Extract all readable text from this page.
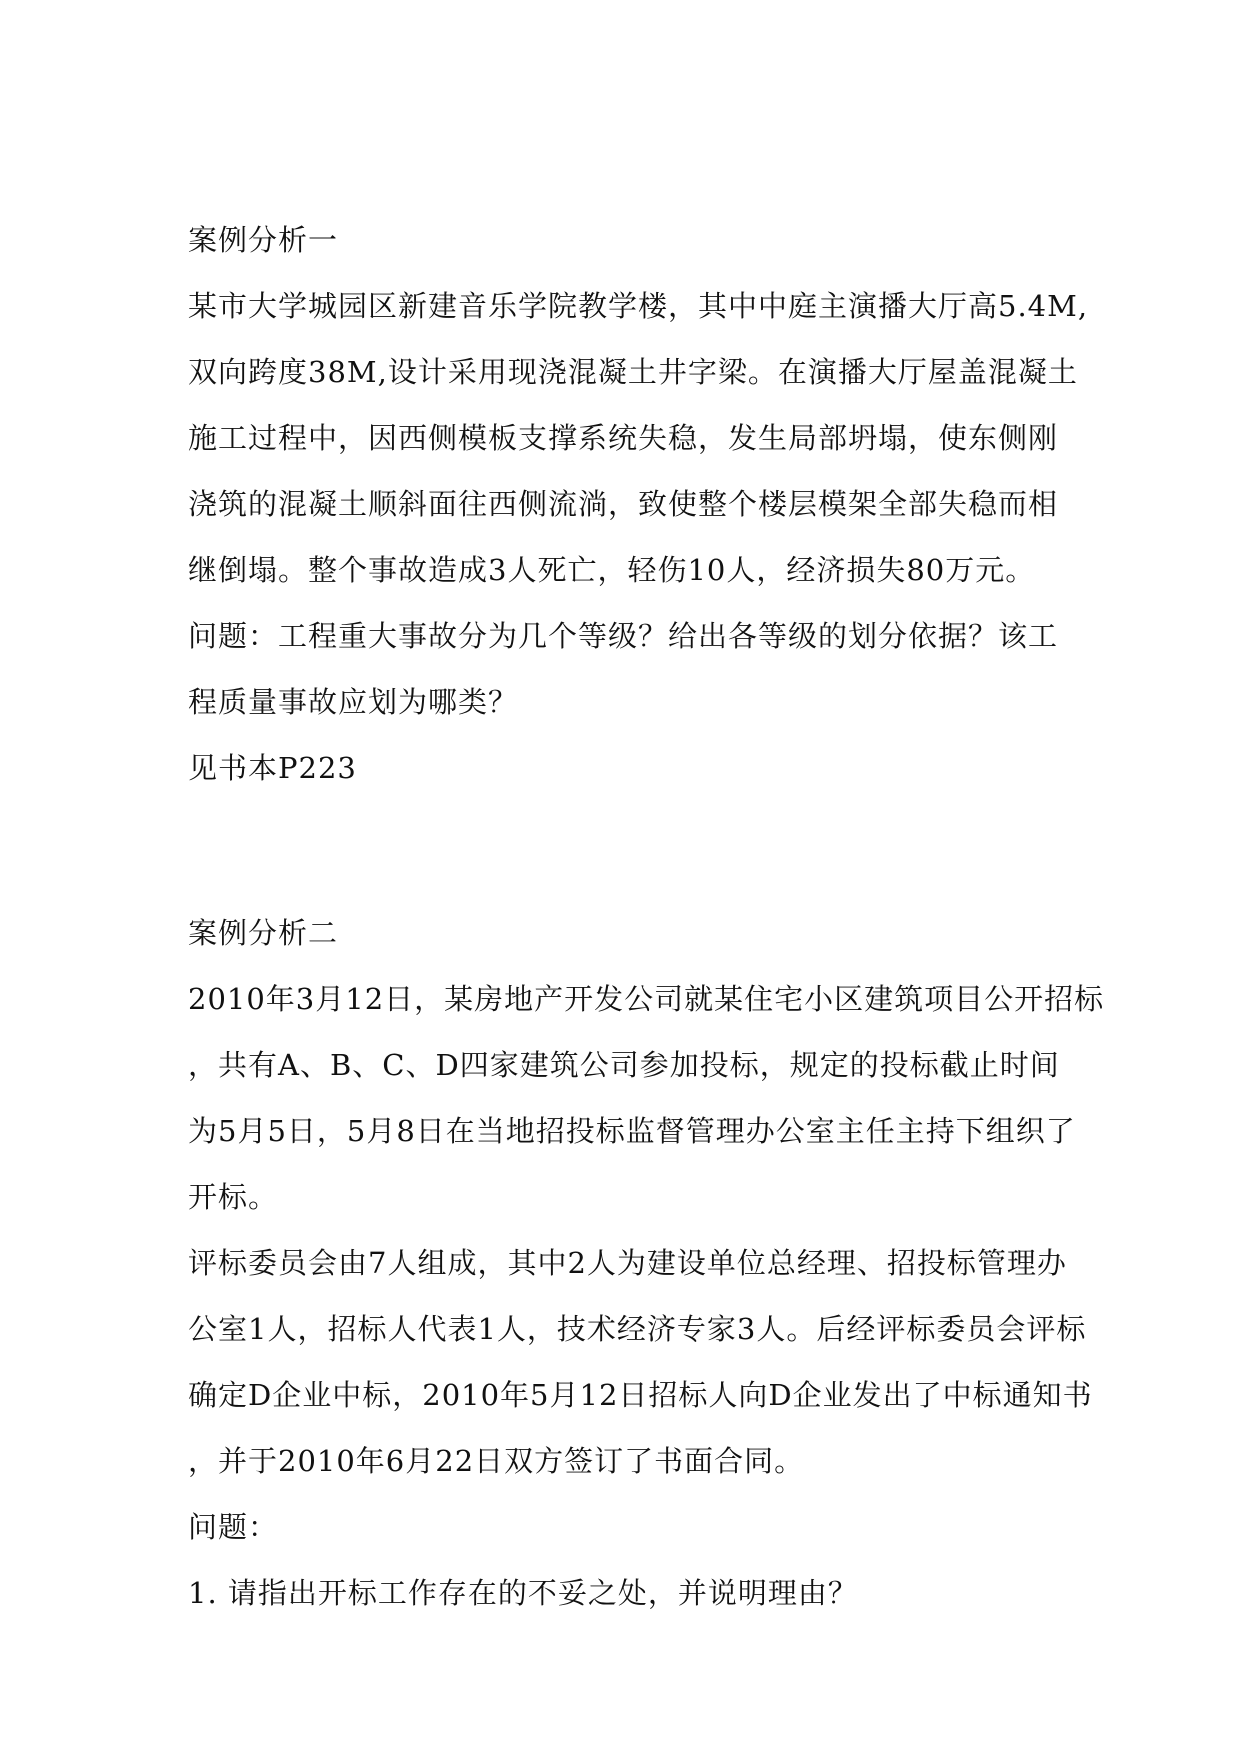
案例分析一
某市大学城园区新建音乐学院教学楼，其中中庭主演播大厅高5.4M,
双向跨度38M,设计采用现浇混凝土井字梁。在演播大厅屋盖混凝土
施工过程中，因西侧模板支撑系统失稳，发生局部坍塌，使东侧刚
浇筑的混凝土顺斜面往西侧流淌，致使整个楼层模架全部失稳而相
继倒塌。整个事故造成3人死亡，轻伤10人，经济损失80万元。
问题：工程重大事故分为几个等级？给出各等级的划分依据？该工
程质量事故应划为哪类？
见书本P223
案例分析二
2010年3月12日，某房地产开发公司就某住宅小区建筑项目公开招标
，共有A、B、C、D四家建筑公司参加投标，规定的投标截止时间
为5月5日，5月8日在当地招投标监督管理办公室主任主持下组织了
开标。
评标委员会由7人组成，其中2人为建设单位总经理、招投标管理办
公室1人，招标人代表1人，技术经济专家3人。后经评标委员会评标
确定D企业中标，2010年5月12日招标人向D企业发出了中标通知书
，并于2010年6月22日双方签订了书面合同。
问题：
1. 请指出开标工作存在的不妥之处，并说明理由？
